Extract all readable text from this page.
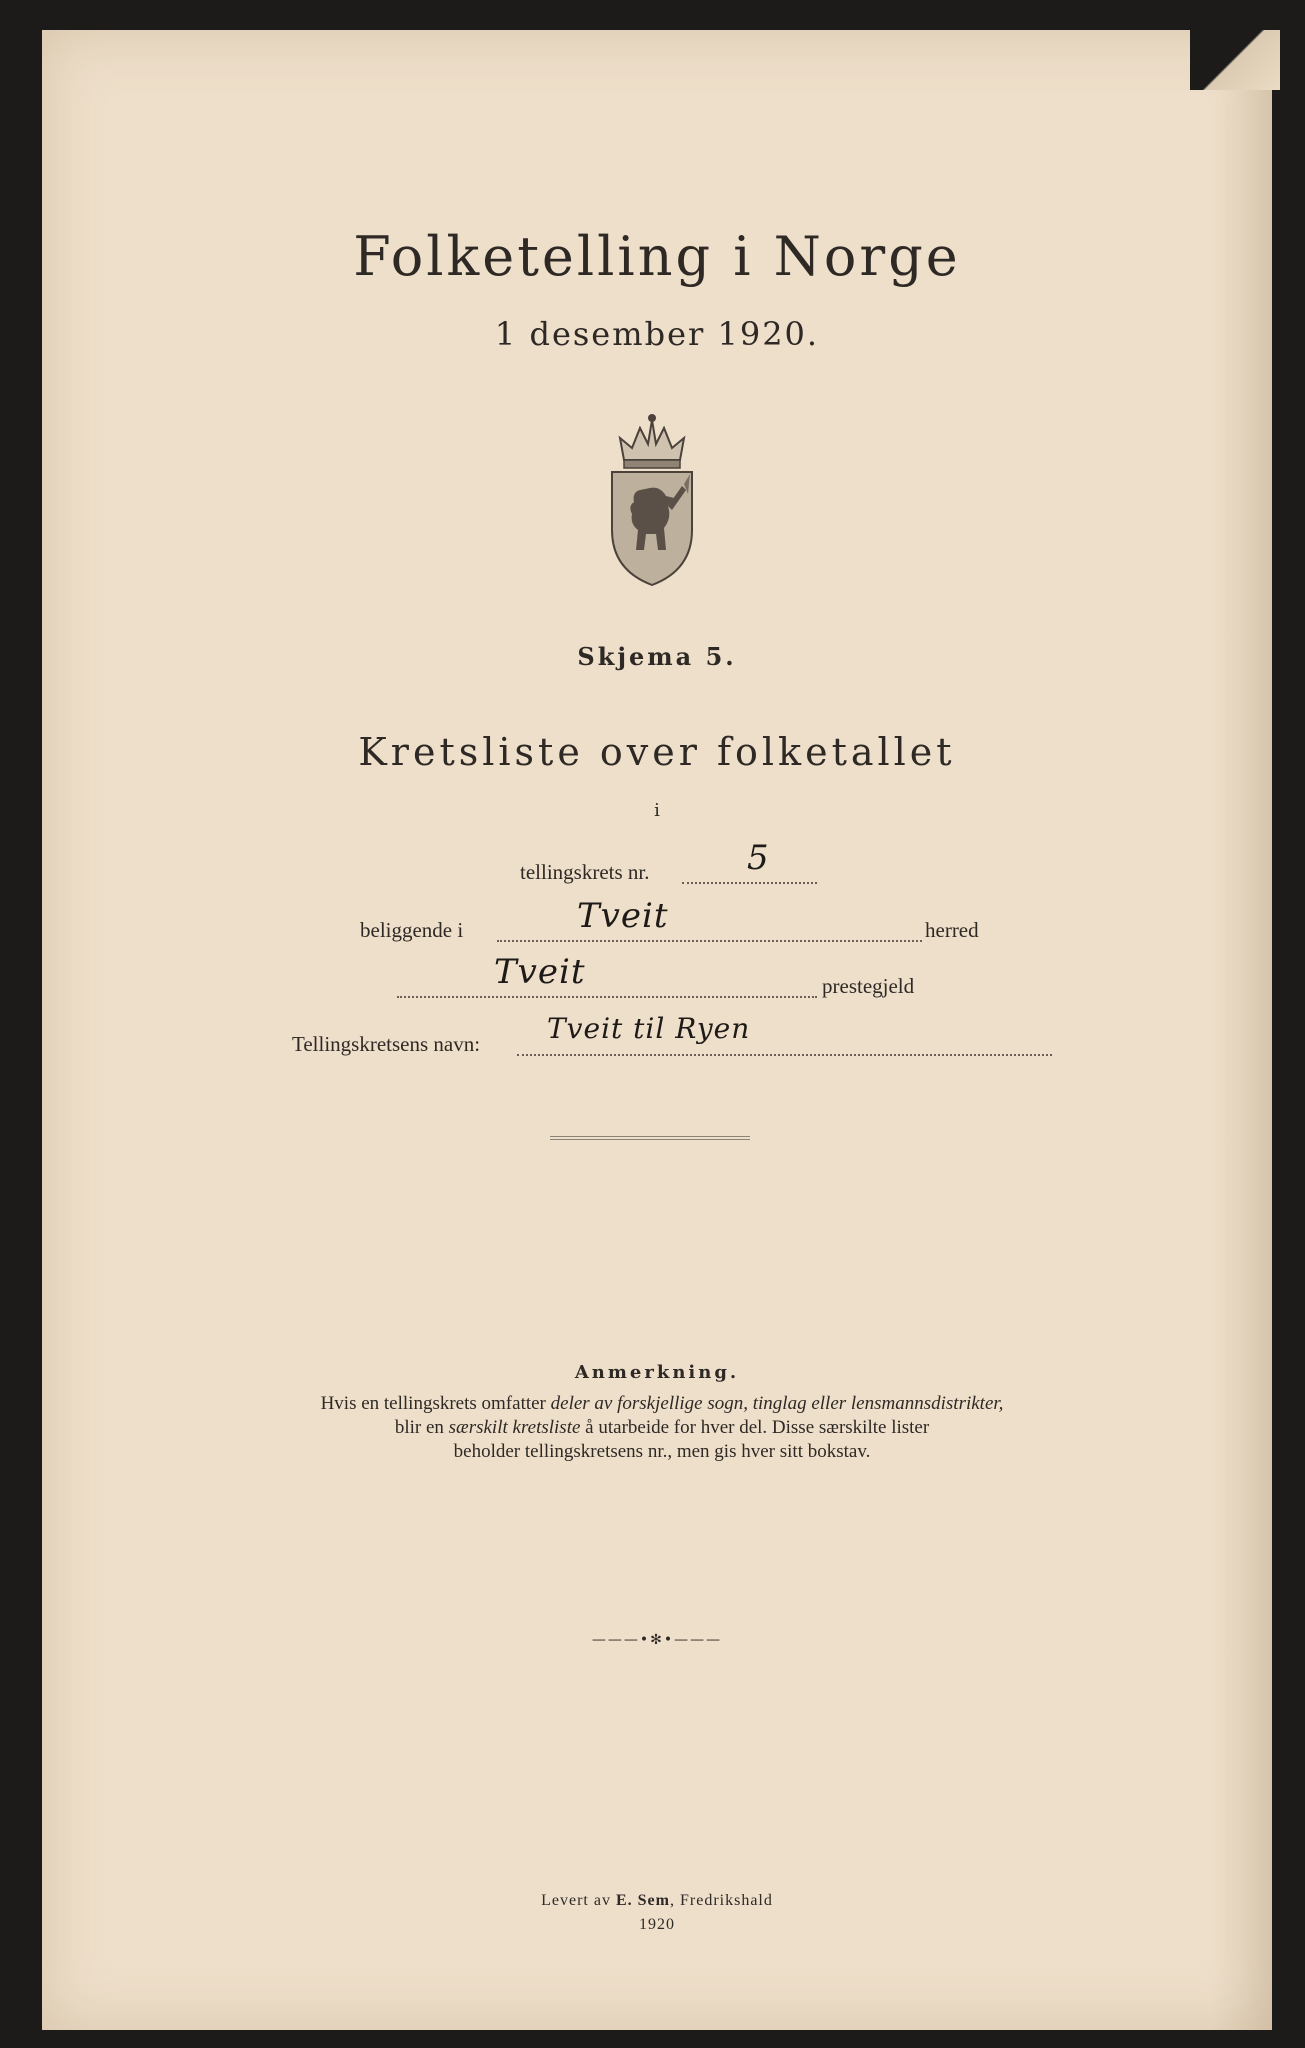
Folketelling i Norge
1 desember 1920.
Skjema 5.
Kretsliste over folketallet
i
tellingskrets nr.	5
beliggende i	Tveit	herred
Tveit	prestegjeld
Tellingskretsens navn: Tveit til Ryen
Anmerkning.
Hvis en tellingskrets omfatter deler av forskjellige sogn, tinglag eller lensmannsdistrikter,
blir en særskilt kretsliste å utarbeide for hver del. Disse særskilte lister
beholder tellingskretsens nr., men gis hver sitt bokstav.
———•✻•———
Levert av E. Sem, Fredrikshald
1920
